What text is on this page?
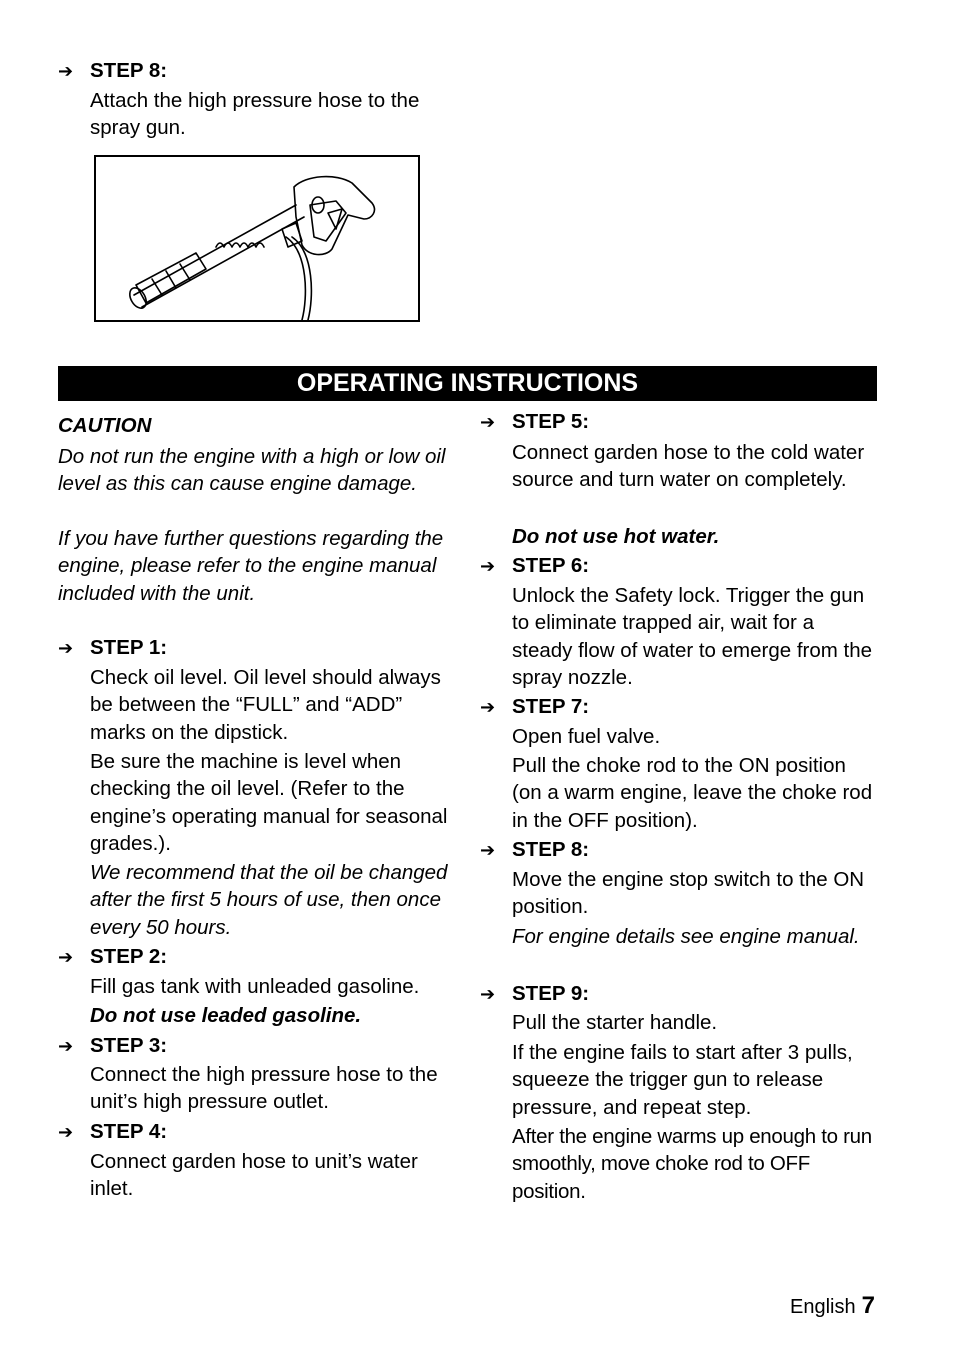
➔ STEP 8:

Attach the high pressure hose to the spray gun.

OPERATING INSTRUCTIONS
CAUTION

Do not run the engine with a high or low oil level as this can cause engine damage.

If you have further questions regarding the engine, please refer to the engine manual included with the unit.

➔ STEP 1:

Check oil level. Oil level should always be between the “FULL” and “ADD” marks on the dipstick.

Be sure the machine is level when checking the oil level. (Refer to the engine’s operating manual for seasonal grades.).

We recommend that the oil be changed after the first 5 hours of use, then once every 50 hours.

➔ STEP 2:

Fill gas tank with unleaded gasoline.

Do not use leaded gasoline.

➔ STEP 3:

Connect the high pressure hose to the unit’s high pressure outlet.

➔ STEP 4:

Connect garden hose to unit’s water inlet.

➔ STEP 5:

Connect garden hose to the cold water source and turn water on completely.

Do not use hot water.

➔ STEP 6:

Unlock the Safety lock. Trigger the gun to eliminate trapped air, wait for a steady flow of water to emerge from the spray nozzle.

➔ STEP 7:

Open fuel valve.

Pull the choke rod to the ON position (on a warm engine, leave the choke rod in the OFF position).

➔ STEP 8:

Move the engine stop switch to the ON position.

For engine details see engine manual.

➔ STEP 9:

Pull the starter handle.

If the engine fails to start after 3 pulls, squeeze the trigger gun to release pressure, and repeat step.

After the engine warms up enough to run smoothly, move choke rod to OFF position.

English 7
